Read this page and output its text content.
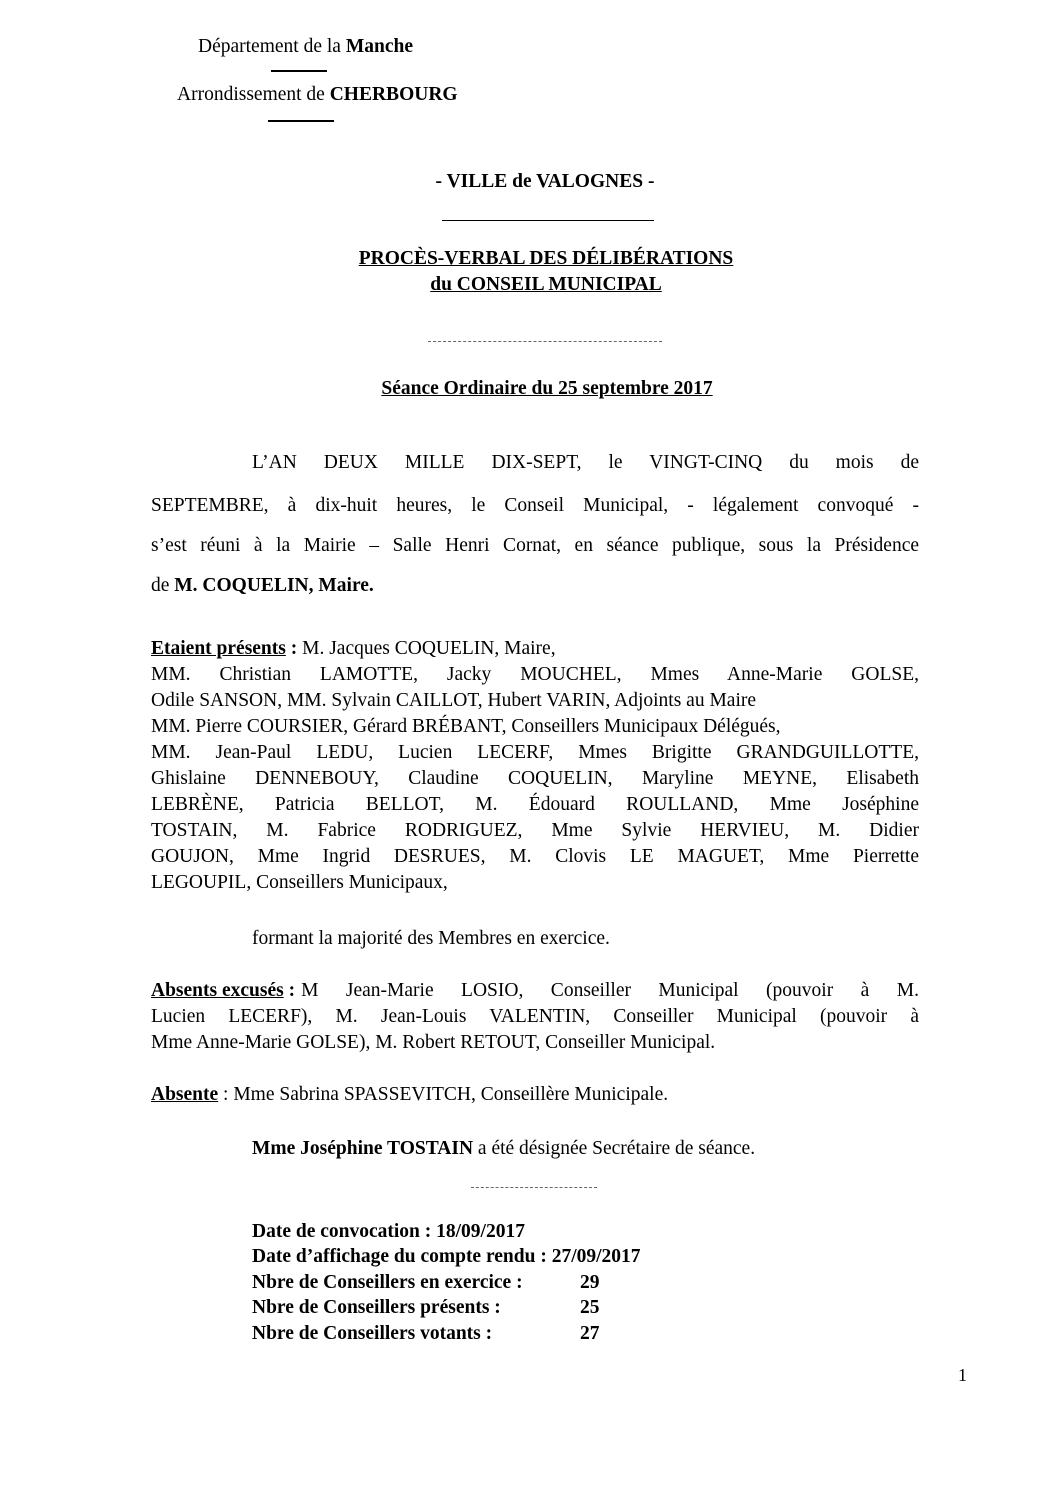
Département de la Manche
Arrondissement de CHERBOURG
- VILLE de VALOGNES -
PROCÈS-VERBAL DES DÉLIBÉRATIONS
du CONSEIL MUNICIPAL
Séance Ordinaire du 25 septembre 2017
L’AN DEUX MILLE DIX-SEPT, le VINGT-CINQ du mois de
SEPTEMBRE, à dix-huit heures, le Conseil Municipal, - légalement convoqué -
s’est réuni à la Mairie – Salle Henri Cornat, en séance publique, sous la Présidence
de M. COQUELIN, Maire.
Etaient présents : M. Jacques COQUELIN, Maire,
MM. Christian LAMOTTE, Jacky MOUCHEL, Mmes Anne-Marie GOLSE,
Odile SANSON, MM. Sylvain CAILLOT, Hubert VARIN, Adjoints au Maire
MM. Pierre COURSIER, Gérard BRÉBANT, Conseillers Municipaux Délégués,
MM. Jean-Paul LEDU, Lucien LECERF, Mmes Brigitte GRANDGUILLOTTE,
Ghislaine DENNEBOUY, Claudine COQUELIN, Maryline MEYNE, Elisabeth
LEBRÈNE, Patricia BELLOT, M. Édouard ROULLAND, Mme Joséphine
TOSTAIN, M. Fabrice RODRIGUEZ, Mme Sylvie HERVIEU, M. Didier
GOUJON, Mme Ingrid DESRUES, M. Clovis LE MAGUET, Mme Pierrette
LEGOUPIL, Conseillers Municipaux,
formant la majorité des Membres en exercice.
Absents excusés : M Jean-Marie LOSIO, Conseiller Municipal (pouvoir à M.
Lucien LECERF), M. Jean-Louis VALENTIN, Conseiller Municipal (pouvoir à
Mme Anne-Marie GOLSE), M. Robert RETOUT, Conseiller Municipal.
Absente : Mme Sabrina SPASSEVITCH, Conseillère Municipale.
Mme Joséphine TOSTAIN a été désignée Secrétaire de séance.
Date de convocation : 18/09/2017
Date d’affichage du compte rendu : 27/09/2017
Nbre de Conseillers en exercice :	29
Nbre de Conseillers présents :	25
Nbre de Conseillers votants :	27
1
